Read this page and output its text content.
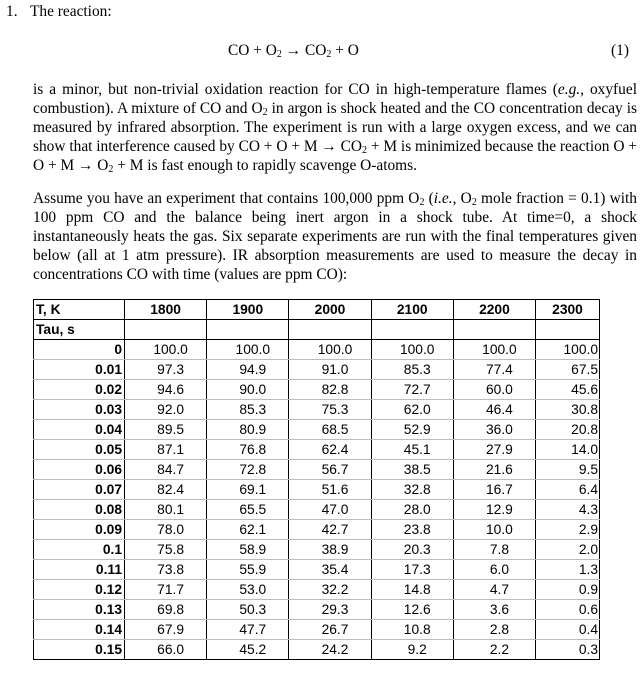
1. The reaction:
CO + $O_2 \to CO_2 + O$	(1)
is a minor, but non-trivial oxidation reaction for CO in high-temperature flames (e.g., oxyfuel combustion). A mixture of CO and $O_2$ in argon is shock heated and the CO concentration decay is measured by infrared absorption. The experiment is run with a large oxygen excess, and we can show that interference caused by CO + $O + M \to CO_2 + M$ is minimized because the reaction $O + O + M \to O_2 + M$ is fast enough to rapidly scavenge O-atoms.
Assume you have an experiment that contains 100,000 ppm $O_2$ (i.e., $O_2$ mole fraction = 0.1) with 100 ppm CO and the balance being inert argon in a shock tube. At time=0, a shock instantaneously heats the gas. Six separate experiments are run with the final temperatures given below (all at 1 atm pressure). IR absorption measurements are used to measure the decay in concentrations CO with time (values are ppm CO):
T, K	1800	1900	2000	2100	2200	2300
Tau, s						
0	100.0	100.0	100.0	100.0	100.0	100.0
0.01	97.3	94.9	91.0	85.3	77.4	67.5
0.02	94.6	90.0	82.8	72.7	60.0	45.6
0.03	92.0	85.3	75.3	62.0	46.4	30.8
0.04	89.5	80.9	68.5	52.9	36.0	20.8
0.05	87.1	76.8	62.4	45.1	27.9	14.0
0.06	84.7	72.8	56.7	38.5	21.6	9.5
0.07	82.4	69.1	51.6	32.8	16.7	6.4
0.08	80.1	65.5	47.0	28.0	12.9	4.3
0.09	78.0	62.1	42.7	23.8	10.0	2.9
0.1	75.8	58.9	38.9	20.3	7.8	2.0
0.11	73.8	55.9	35.4	17.3	6.0	1.3
0.12	71.7	53.0	32.2	14.8	4.7	0.9
0.13	69.8	50.3	29.3	12.6	3.6	0.6
0.14	67.9	47.7	26.7	10.8	2.8	0.4
0.15	66.0	45.2	24.2	9.2	2.2	0.3
